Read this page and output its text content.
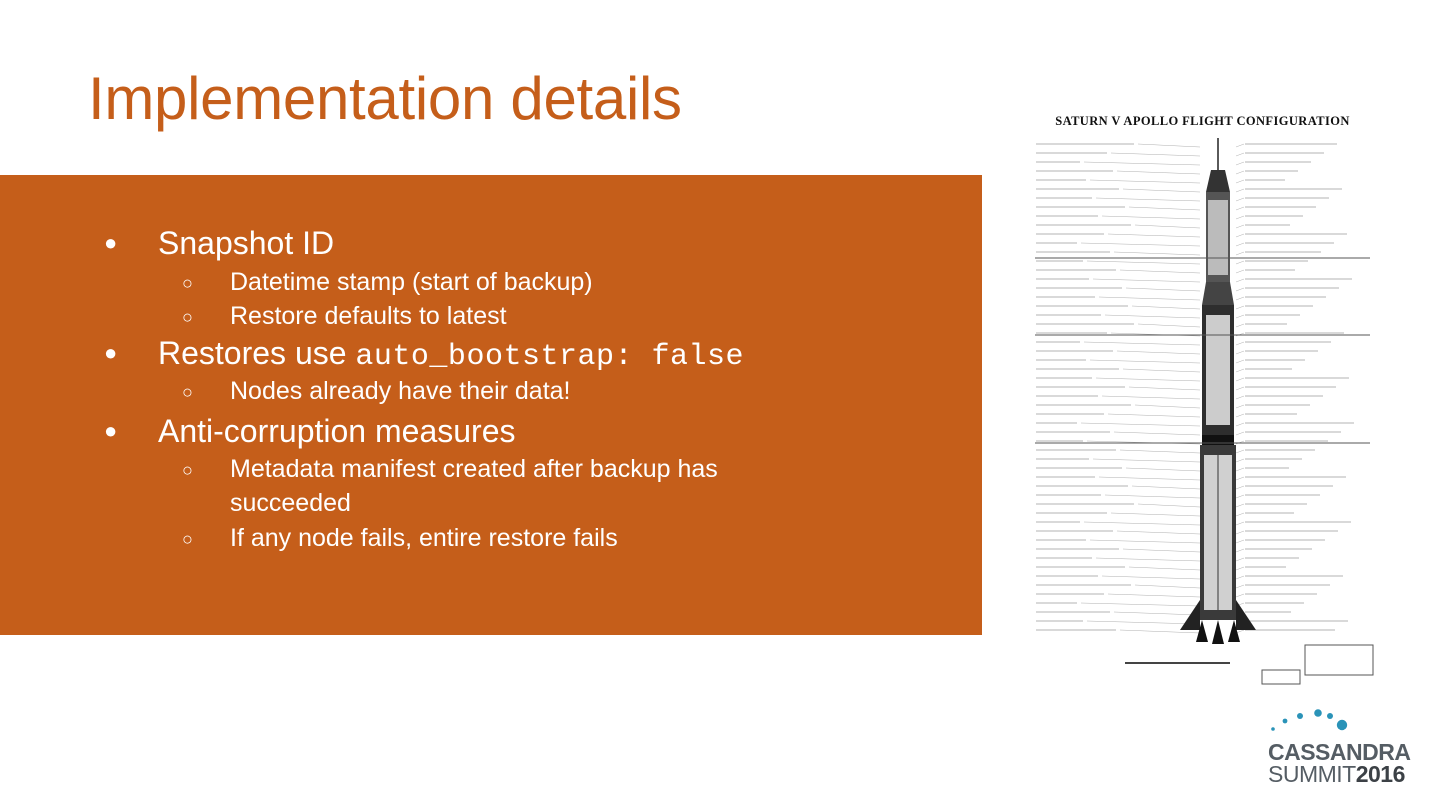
Implementation details
● Snapshot ID
○ Datetime stamp (start of backup)
○ Restore defaults to latest
● Restores use auto_bootstrap: false
○ Nodes already have their data!
● Anti-corruption measures
○ Metadata manifest created after backup has
succeeded
○ If any node fails, entire restore fails
SATURN V APOLLO FLIGHT CONFIGURATION
CASSANDRA
SUMMIT2016
